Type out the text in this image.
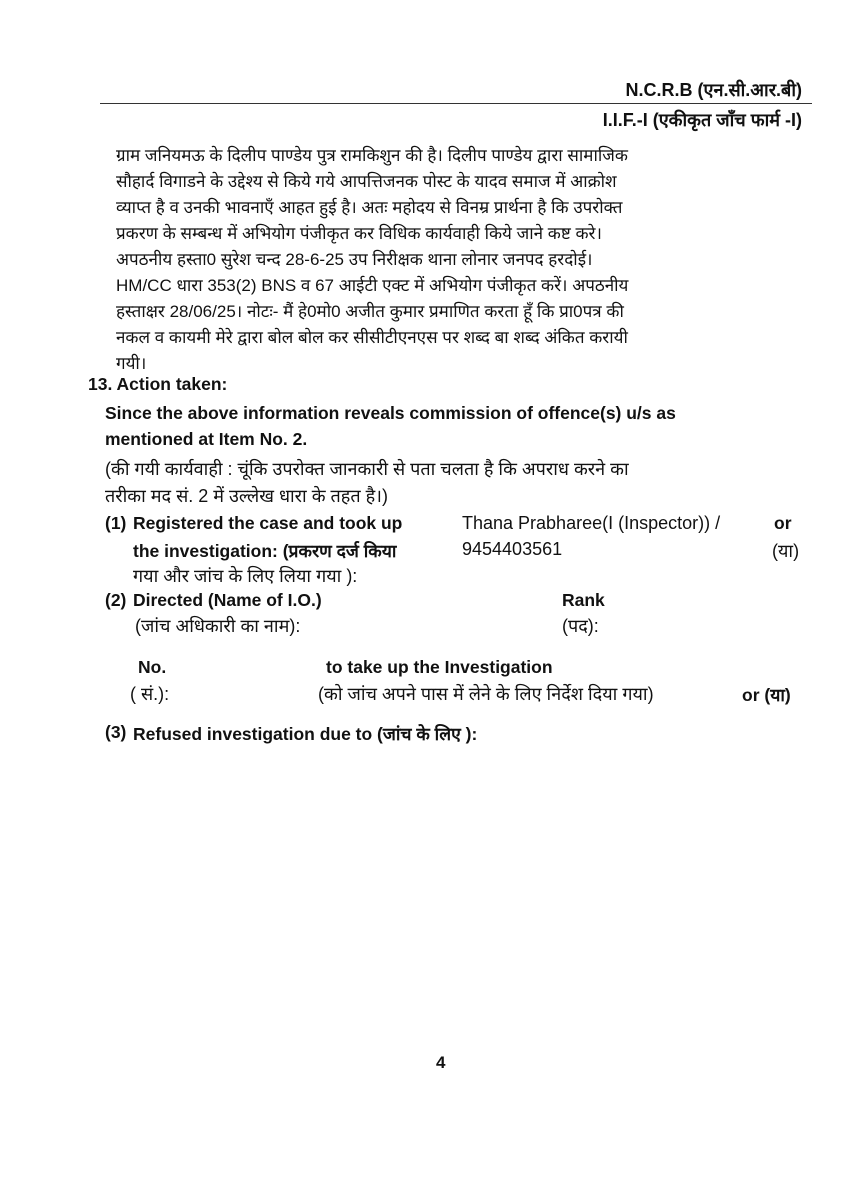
N.C.R.B (एन.सी.आर.बी)
I.I.F.-I (एकीकृत जाँच फार्म -I)
ग्राम जनियमऊ के दिलीप पाण्डेय पुत्र रामकिशुन की है। दिलीप पाण्डेय द्वारा सामाजिक
सौहार्द विगाडने के उद्देश्य से किये गये आपत्तिजनक पोस्ट के यादव समाज में आक्रोश
व्याप्त है व उनकी भावनाएँ आहत हुई है। अतः महोदय से विनम्र प्रार्थना है कि उपरोक्त
प्रकरण के सम्बन्ध में अभियोग पंजीकृत कर विधिक कार्यवाही किये जाने कष्ट करे।
अपठनीय हस्ता0 सुरेश चन्द 28-6-25 उप निरीक्षक थाना लोनार जनपद हरदोई।
HM/CC धारा 353(2) BNS व 67 आईटी एक्ट में अभियोग पंजीकृत करें। अपठनीय
हस्ताक्षर 28/06/25। नोटः- मैं हे0मो0 अजीत कुमार प्रमाणित करता हूँ कि प्रा0पत्र की
नकल व कायमी मेरे द्वारा बोल बोल कर सीसीटीएनएस पर शब्द बा शब्द अंकित करायी
गयी।
13. Action taken:
Since the above information reveals commission of offence(s) u/s as
mentioned at Item No. 2.
(की गयी कार्यवाही : चूंकि उपरोक्त जानकारी से पता चलता है कि अपराध करने का
तरीका मद सं. 2 में उल्लेख धारा के तहत है।)
(1) Registered the case and took up
the investigation: (प्रकरण दर्ज किया
गया और जांच के लिए लिया गया ):
Thana Prabharee(I (Inspector)) /
9454403561
or
(या)
(2) Directed (Name of I.O.)
(जांच अधिकारी का नाम):
Rank
(पद):
No.
( सं.):
to take up the Investigation
(को जांच अपने पास में लेने के लिए निर्देश दिया गया)	or (या)
(3) Refused investigation due to (जांच के लिए ):
4
